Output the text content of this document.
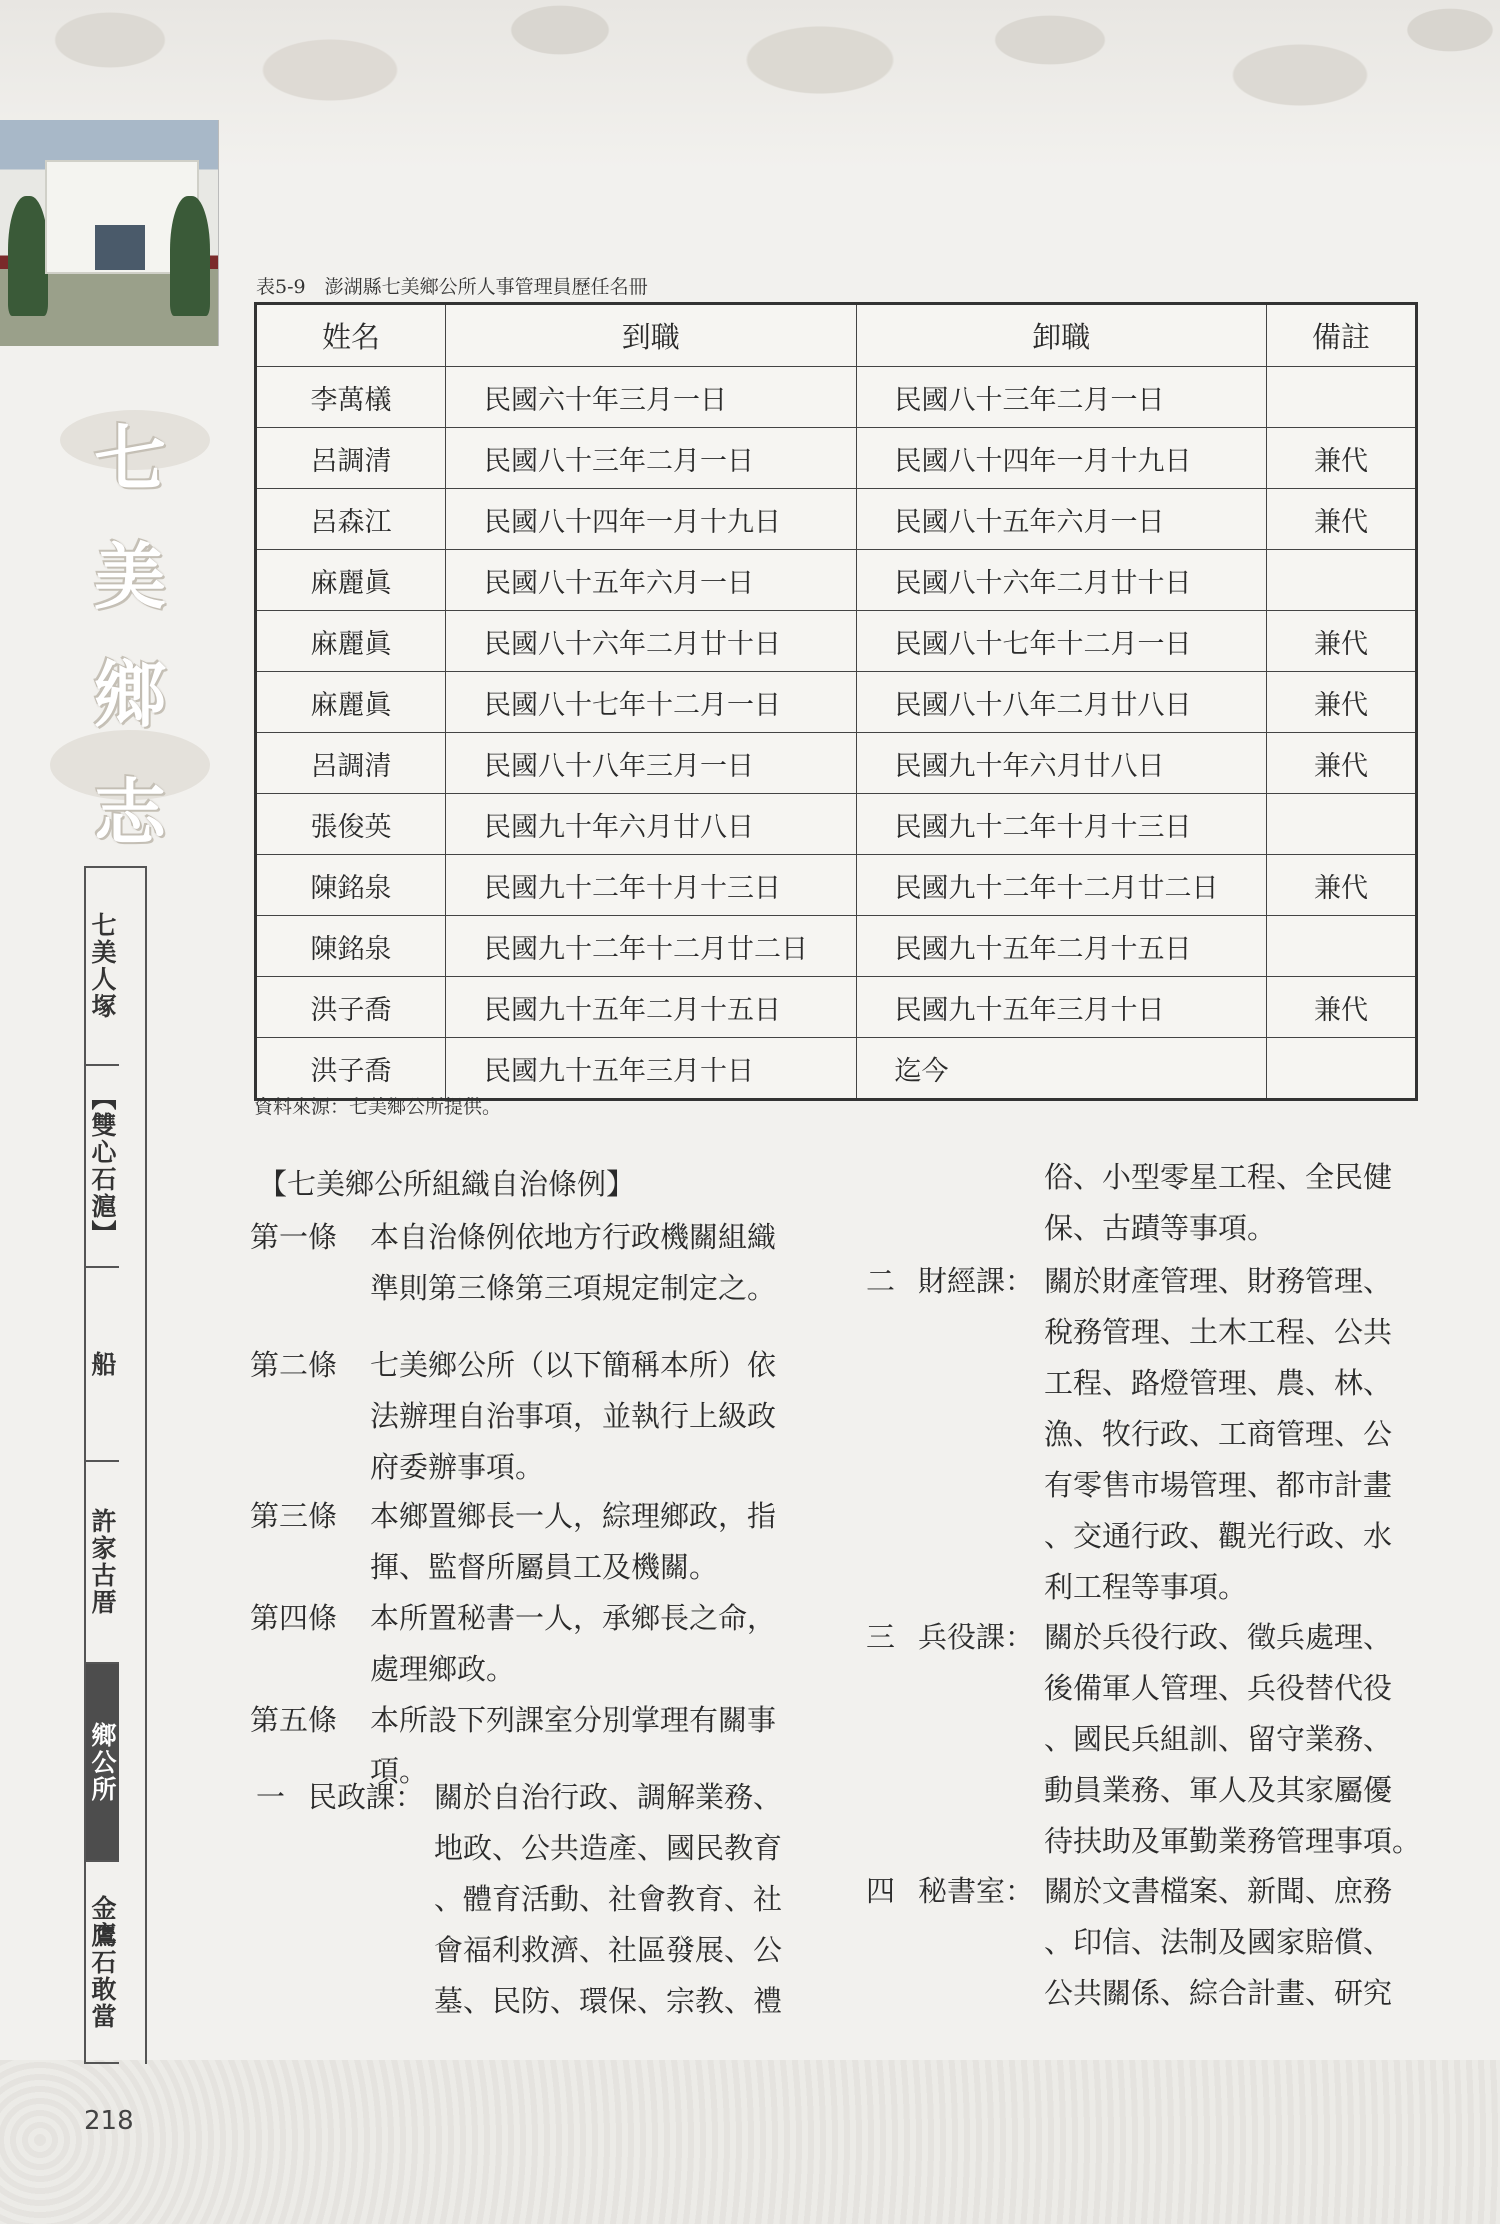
七
美
鄉
志
七美人塚
【雙心石滬】
船
許家古厝
鄉公所
金鷹石敢當
表5-9　澎湖縣七美鄉公所人事管理員歷任名冊
姓名	到職	卸職	備註
李萬檥	民國六十年三月一日	民國八十三年二月一日	
呂調清	民國八十三年二月一日	民國八十四年一月十九日	兼代
呂森江	民國八十四年一月十九日	民國八十五年六月一日	兼代
麻麗眞	民國八十五年六月一日	民國八十六年二月廿十日	
麻麗眞	民國八十六年二月廿十日	民國八十七年十二月一日	兼代
麻麗眞	民國八十七年十二月一日	民國八十八年二月廿八日	兼代
呂調清	民國八十八年三月一日	民國九十年六月廿八日	兼代
張俊英	民國九十年六月廿八日	民國九十二年十月十三日	
陳銘泉	民國九十二年十月十三日	民國九十二年十二月廿二日	兼代
陳銘泉	民國九十二年十二月廿二日	民國九十五年二月十五日	
洪子喬	民國九十五年二月十五日	民國九十五年三月十日	兼代
洪子喬	民國九十五年三月十日	迄今	
資料來源：七美鄉公所提供。
【七美鄉公所組織自治條例】
第一條 本自治條例依地方行政機關組織
準則第三條第三項規定制定之。
第二條 七美鄉公所（以下簡稱本所）依
法辦理自治事項，並執行上級政
府委辦事項。
第三條 本鄉置鄉長一人，綜理鄉政，指
揮、監督所屬員工及機關。
第四條 本所置秘書一人，承鄉長之命，
處理鄉政。
第五條 本所設下列課室分別掌理有關事
項。
一 民政課： 關於自治行政、調解業務、
地政、公共造產、國民教育
、體育活動、社會教育、社
會福利救濟、社區發展、公
墓、民防、環保、宗教、禮
俗、小型零星工程、全民健
保、古蹟等事項。
二 財經課： 關於財產管理、財務管理、
稅務管理、土木工程、公共
工程、路燈管理、農、林、
漁、牧行政、工商管理、公
有零售市場管理、都市計畫
、交通行政、觀光行政、水
利工程等事項。
三 兵役課： 關於兵役行政、徵兵處理、
後備軍人管理、兵役替代役
、國民兵組訓、留守業務、
動員業務、軍人及其家屬優
待扶助及軍勤業務管理事項。
四 秘書室： 關於文書檔案、新聞、庶務
、印信、法制及國家賠償、
公共關係、綜合計畫、研究
218
